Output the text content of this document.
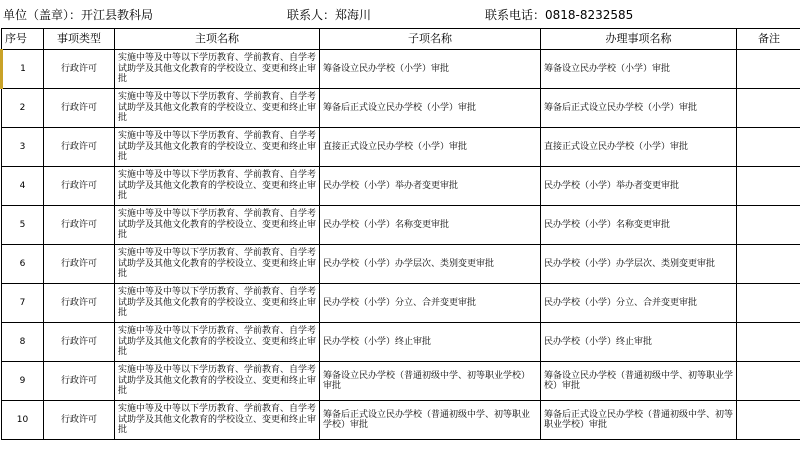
单位（盖章）：开江县教科局	联系人：郑海川	联系电话：0818-8232585
序号	事项类型	主项名称	子项名称	办理事项名称	备注
1	行政许可	实施中等及中等以下学历教育、学前教育、自学考试助学及其他文化教育的学校设立、变更和终止审批	筹备设立民办学校（小学）审批	筹备设立民办学校（小学）审批	
2	行政许可	实施中等及中等以下学历教育、学前教育、自学考试助学及其他文化教育的学校设立、变更和终止审批	筹备后正式设立民办学校（小学）审批	筹备后正式设立民办学校（小学）审批	
3	行政许可	实施中等及中等以下学历教育、学前教育、自学考试助学及其他文化教育的学校设立、变更和终止审批	直接正式设立民办学校（小学）审批	直接正式设立民办学校（小学）审批	
4	行政许可	实施中等及中等以下学历教育、学前教育、自学考试助学及其他文化教育的学校设立、变更和终止审批	民办学校（小学）举办者变更审批	民办学校（小学）举办者变更审批	
5	行政许可	实施中等及中等以下学历教育、学前教育、自学考试助学及其他文化教育的学校设立、变更和终止审批	民办学校（小学）名称变更审批	民办学校（小学）名称变更审批	
6	行政许可	实施中等及中等以下学历教育、学前教育、自学考试助学及其他文化教育的学校设立、变更和终止审批	民办学校（小学）办学层次、类别变更审批	民办学校（小学）办学层次、类别变更审批	
7	行政许可	实施中等及中等以下学历教育、学前教育、自学考试助学及其他文化教育的学校设立、变更和终止审批	民办学校（小学）分立、合并变更审批	民办学校（小学）分立、合并变更审批	
8	行政许可	实施中等及中等以下学历教育、学前教育、自学考试助学及其他文化教育的学校设立、变更和终止审批	民办学校（小学）终止审批	民办学校（小学）终止审批	
9	行政许可	实施中等及中等以下学历教育、学前教育、自学考试助学及其他文化教育的学校设立、变更和终止审批	筹备设立民办学校（普通初级中学、初等职业学校）审批	筹备设立民办学校（普通初级中学、初等职业学校）审批	
10	行政许可	实施中等及中等以下学历教育、学前教育、自学考试助学及其他文化教育的学校设立、变更和终止审批	筹备后正式设立民办学校（普通初级中学、初等职业学校）审批	筹备后正式设立民办学校（普通初级中学、初等职业学校）审批	
